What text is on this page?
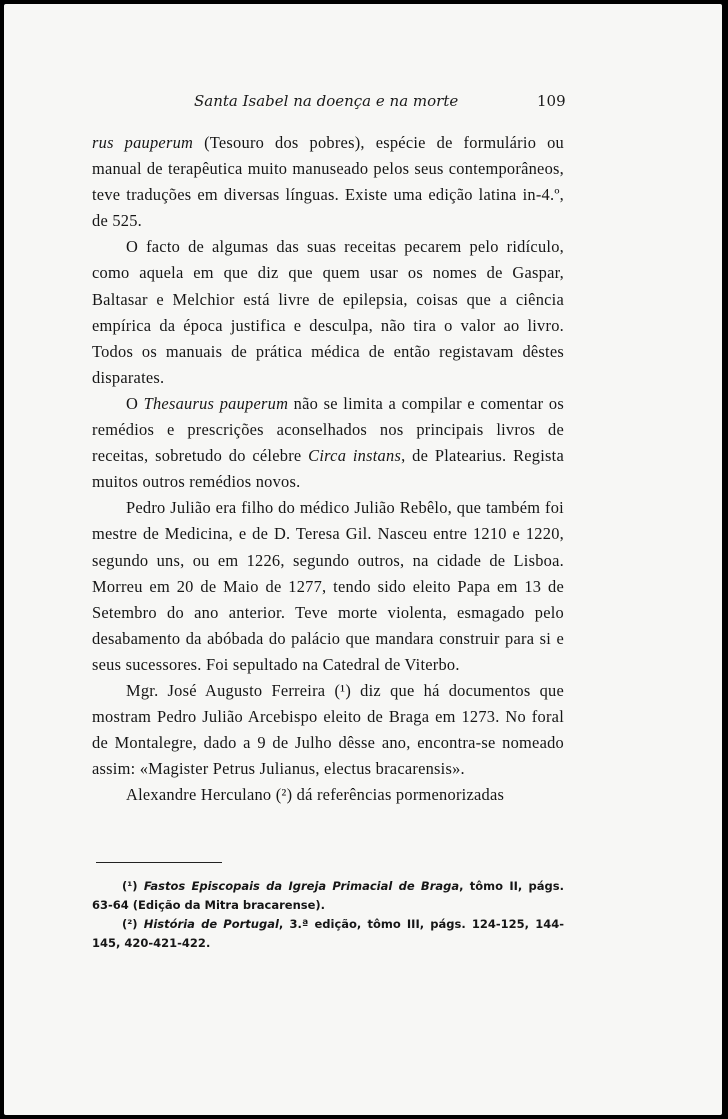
Santa Isabel na doença e na morte	109

rus pauperum (Tesouro dos pobres), espécie de formulário ou manual de terapêutica muito manuseado pelos seus contemporâneos, teve traduções em diversas línguas. Existe uma edição latina in-4.º, de 525.

O facto de algumas das suas receitas pecarem pelo ridículo, como aquela em que diz que quem usar os nomes de Gaspar, Baltasar e Melchior está livre de epilepsia, coisas que a ciência empírica da época justifica e desculpa, não tira o valor ao livro. Todos os manuais de prática médica de então registavam dêstes disparates.

O Thesaurus pauperum não se limita a compilar e comentar os remédios e prescrições aconselhados nos principais livros de receitas, sobretudo do célebre Circa instans, de Platearius. Regista muitos outros remédios novos.

Pedro Julião era filho do médico Julião Rebêlo, que também foi mestre de Medicina, e de D. Teresa Gil. Nasceu entre 1210 e 1220, segundo uns, ou em 1226, segundo outros, na cidade de Lisboa. Morreu em 20 de Maio de 1277, tendo sido eleito Papa em 13 de Setembro do ano anterior. Teve morte violenta, esmagado pelo desabamento da abóbada do palácio que mandara construir para si e seus sucessores. Foi sepultado na Catedral de Viterbo.

Mgr. José Augusto Ferreira (¹) diz que há documentos que mostram Pedro Julião Arcebispo eleito de Braga em 1273. No foral de Montalegre, dado a 9 de Julho dêsse ano, encontra-se nomeado assim: «Magister Petrus Julianus, electus bracarensis».

Alexandre Herculano (²) dá referências pormenorizadas

(¹) Fastos Episcopais da Igreja Primacial de Braga, tômo II, págs. 63-64 (Edição da Mitra bracarense).

(²) História de Portugal, 3.ª edição, tômo III, págs. 124-125, 144-145, 420-421-422.
